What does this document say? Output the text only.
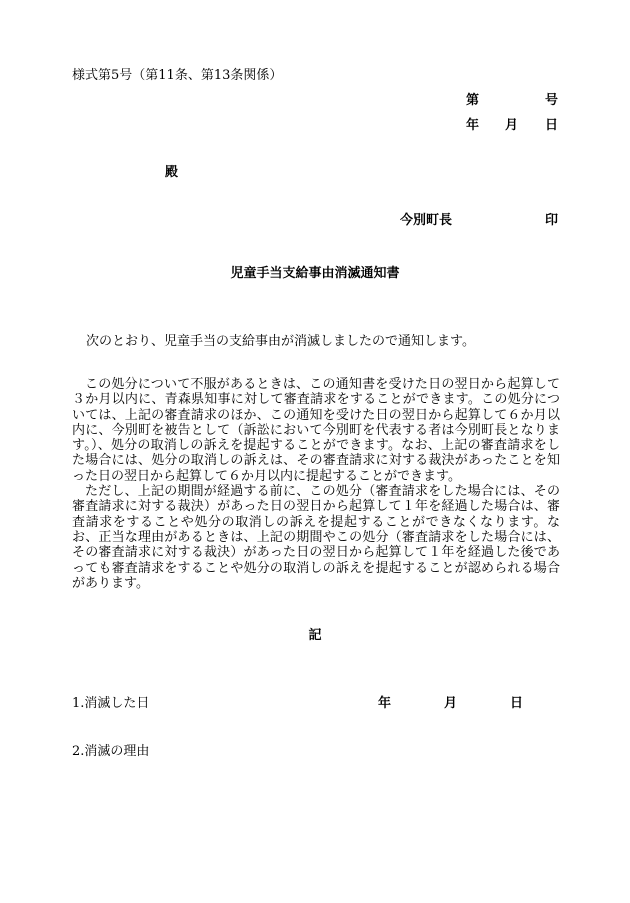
様式第5号（第11条、第13条関係）
第	号
年 月 日
殿
今別町長	印
児童手当支給事由消滅通知書
次のとおり、児童手当の支給事由が消滅しましたので通知します。

この処分について不服があるときは、この通知書を受けた日の翌日から起算して３か月以内に、青森県知事に対して審査請求をすることができます。この処分については、上記の審査請求のほか、この通知を受けた日の翌日から起算して６か月以内に、今別町を被告として（訴訟において今別町を代表する者は今別町長となります。）、処分の取消しの訴えを提起することができます。なお、上記の審査請求をした場合には、処分の取消しの訴えは、その審査請求に対する裁決があったことを知った日の翌日から起算して６か月以内に提起することができます。

ただし、上記の期間が経過する前に、この処分（審査請求をした場合には、その審査請求に対する裁決）があった日の翌日から起算して１年を経過した場合は、審査請求をすることや処分の取消しの訴えを提起することができなくなります。なお、正当な理由があるときは、上記の期間やこの処分（審査請求をした場合には、その審査請求に対する裁決）があった日の翌日から起算して１年を経過した後であっても審査請求をすることや処分の取消しの訴えを提起することが認められる場合があります。

記
1.消滅した日	年	月	日
2.消滅の理由
